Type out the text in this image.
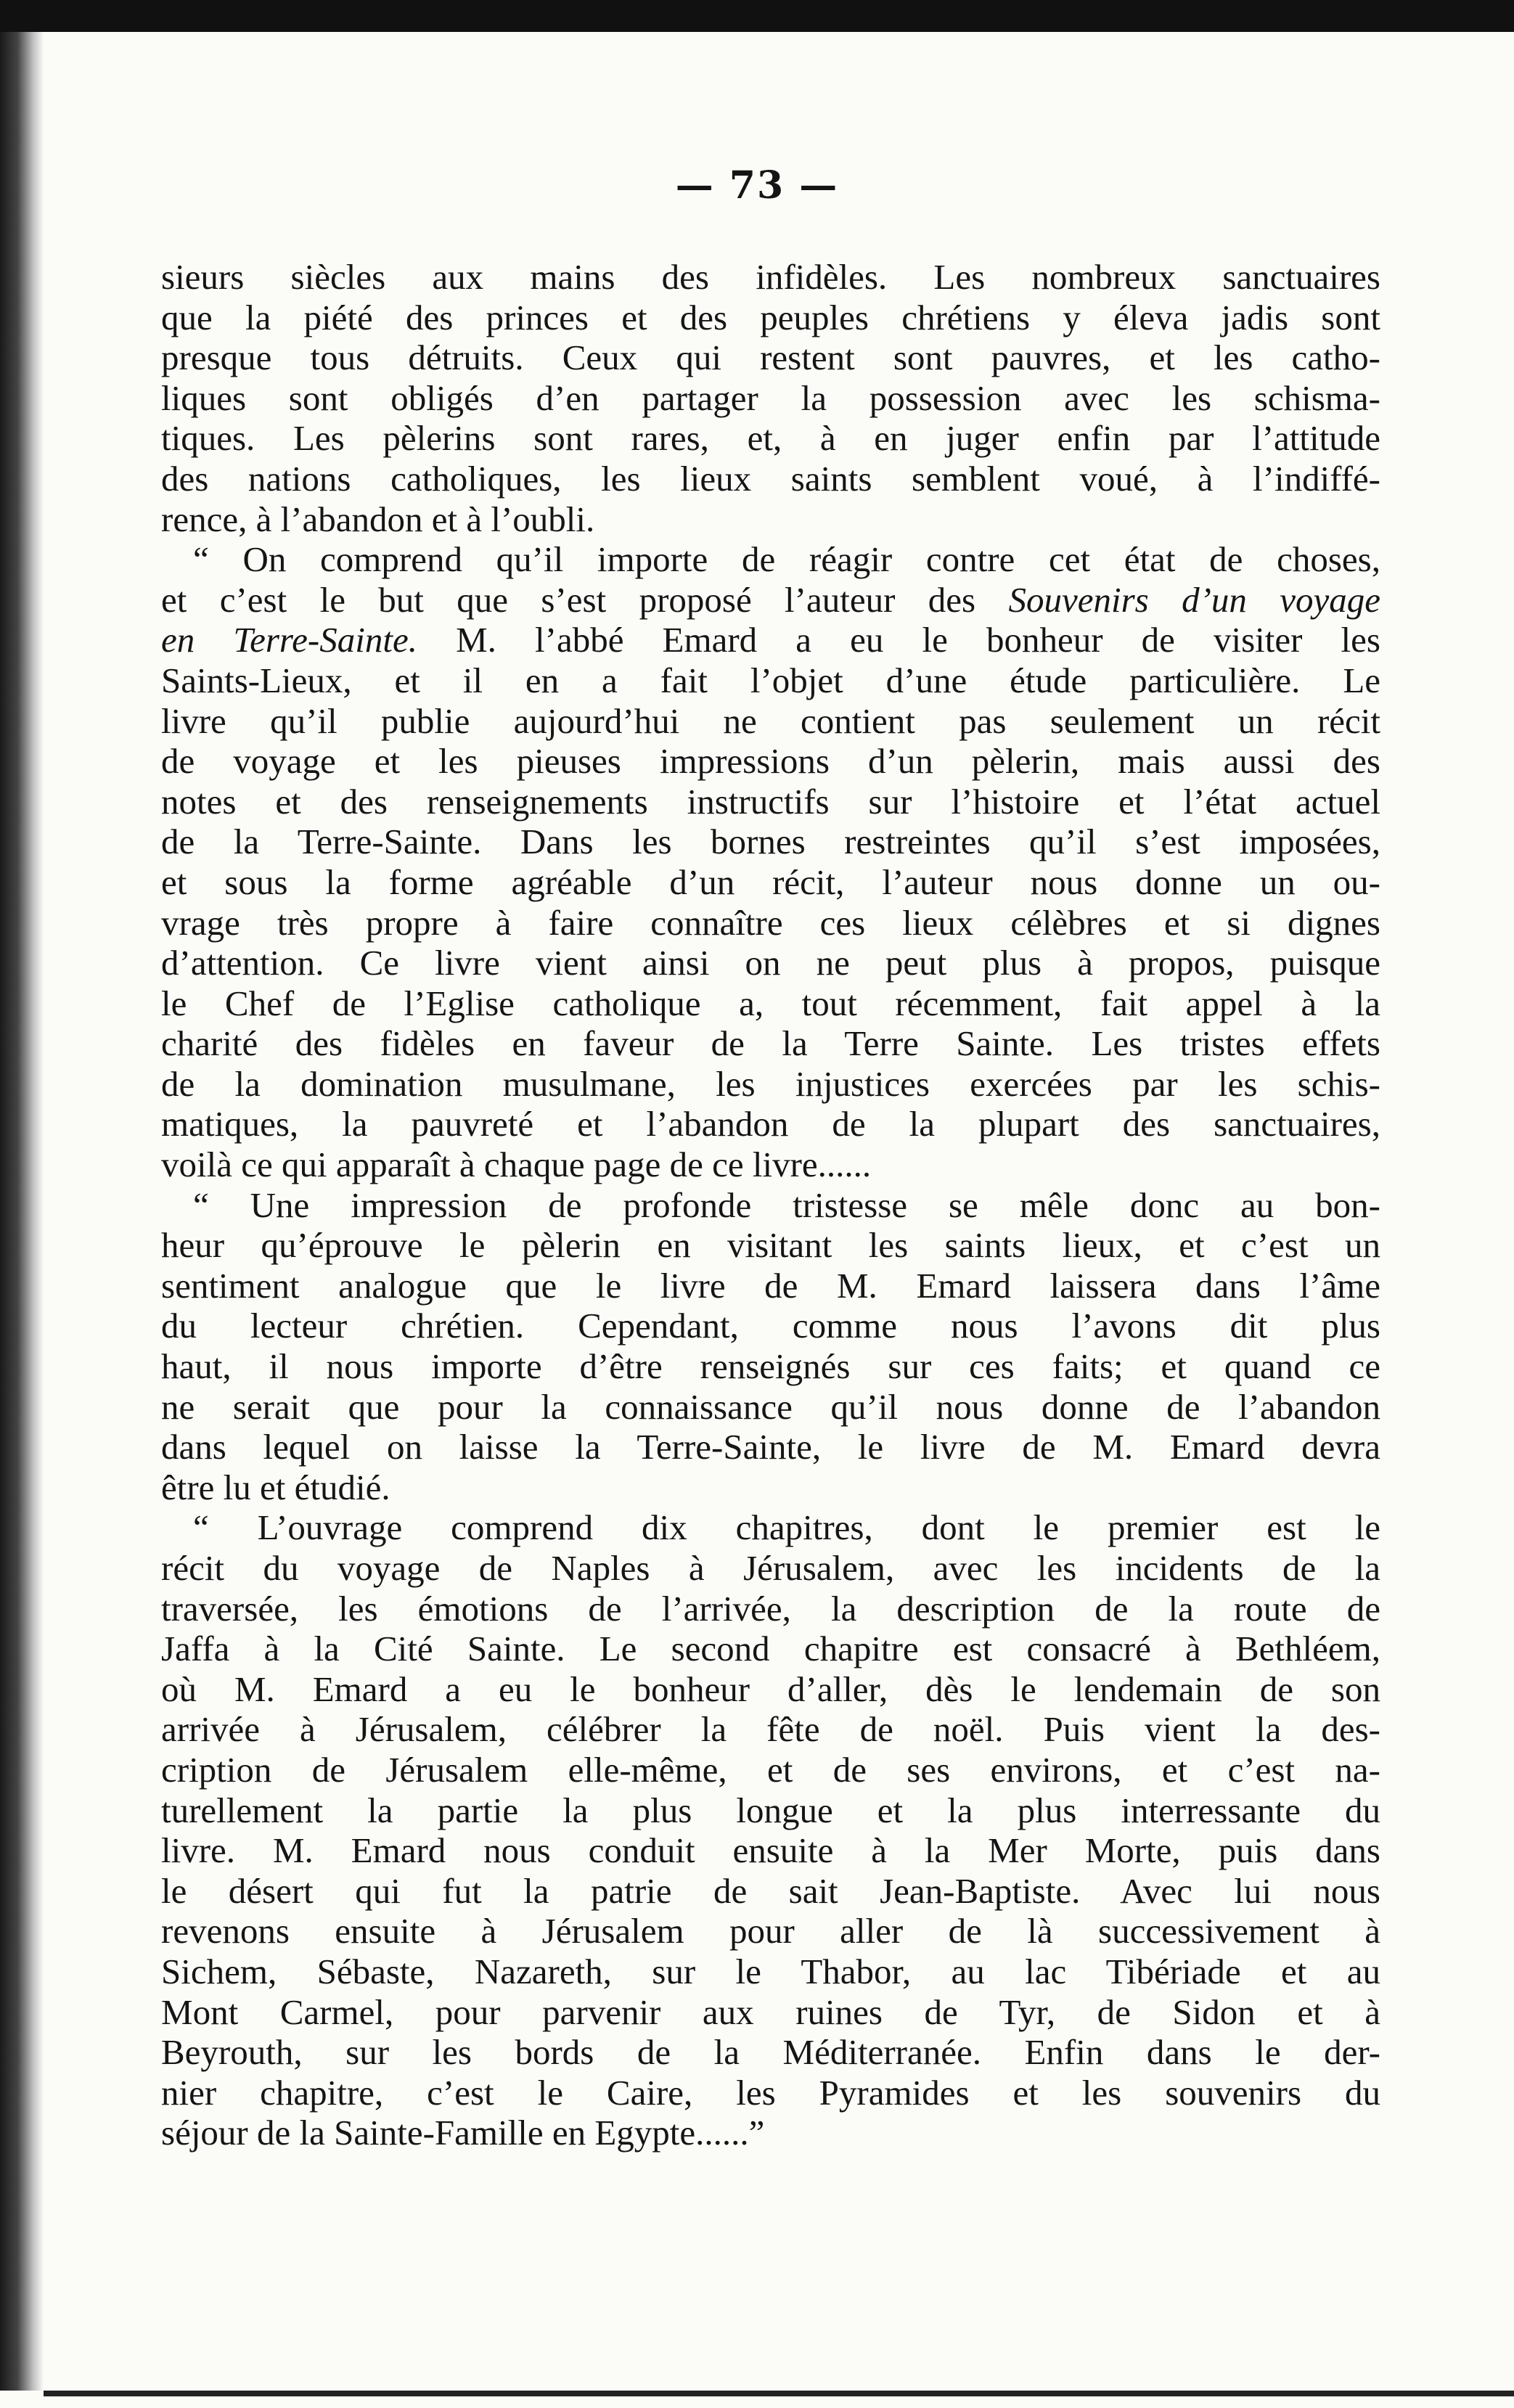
— 73 —
sieurs siècles aux mains des infidèles. Les nombreux sanctuaires
que la piété des princes et des peuples chrétiens y éleva jadis sont
presque tous détruits. Ceux qui restent sont pauvres, et les catho-
liques sont obligés d’en partager la possession avec les schisma-
tiques. Les pèlerins sont rares, et, à en juger enfin par l’attitude
des nations catholiques, les lieux saints semblent voué, à l’indiffé-
rence, à l’abandon et à l’oubli.
“ On comprend qu’il importe de réagir contre cet état de choses,
et c’est le but que s’est proposé l’auteur des Souvenirs d’un voyage
en Terre-Sainte. M. l’abbé Emard a eu le bonheur de visiter les
Saints-Lieux, et il en a fait l’objet d’une étude particulière. Le
livre qu’il publie aujourd’hui ne contient pas seulement un récit
de voyage et les pieuses impressions d’un pèlerin, mais aussi des
notes et des renseignements instructifs sur l’histoire et l’état actuel
de la Terre-Sainte. Dans les bornes restreintes qu’il s’est imposées,
et sous la forme agréable d’un récit, l’auteur nous donne un ou-
vrage très propre à faire connaître ces lieux célèbres et si dignes
d’attention. Ce livre vient ainsi on ne peut plus à propos, puisque
le Chef de l’Eglise catholique a, tout récemment, fait appel à la
charité des fidèles en faveur de la Terre Sainte. Les tristes effets
de la domination musulmane, les injustices exercées par les schis-
matiques, la pauvreté et l’abandon de la plupart des sanctuaires,
voilà ce qui apparaît à chaque page de ce livre......
“ Une impression de profonde tristesse se mêle donc au bon-
heur qu’éprouve le pèlerin en visitant les saints lieux, et c’est un
sentiment analogue que le livre de M. Emard laissera dans l’âme
du lecteur chrétien. Cependant, comme nous l’avons dit plus
haut, il nous importe d’être renseignés sur ces faits; et quand ce
ne serait que pour la connaissance qu’il nous donne de l’abandon
dans lequel on laisse la Terre-Sainte, le livre de M. Emard devra
être lu et étudié.
“ L’ouvrage comprend dix chapitres, dont le premier est le
récit du voyage de Naples à Jérusalem, avec les incidents de la
traversée, les émotions de l’arrivée, la description de la route de
Jaffa à la Cité Sainte. Le second chapitre est consacré à Bethléem,
où M. Emard a eu le bonheur d’aller, dès le lendemain de son
arrivée à Jérusalem, célébrer la fête de noël. Puis vient la des-
cription de Jérusalem elle-même, et de ses environs, et c’est na-
turellement la partie la plus longue et la plus interressante du
livre. M. Emard nous conduit ensuite à la Mer Morte, puis dans
le désert qui fut la patrie de sait Jean-Baptiste. Avec lui nous
revenons ensuite à Jérusalem pour aller de là successivement à
Sichem, Sébaste, Nazareth, sur le Thabor, au lac Tibériade et au
Mont Carmel, pour parvenir aux ruines de Tyr, de Sidon et à
Beyrouth, sur les bords de la Méditerranée. Enfin dans le der-
nier chapitre, c’est le Caire, les Pyramides et les souvenirs du
séjour de la Sainte-Famille en Egypte......”
